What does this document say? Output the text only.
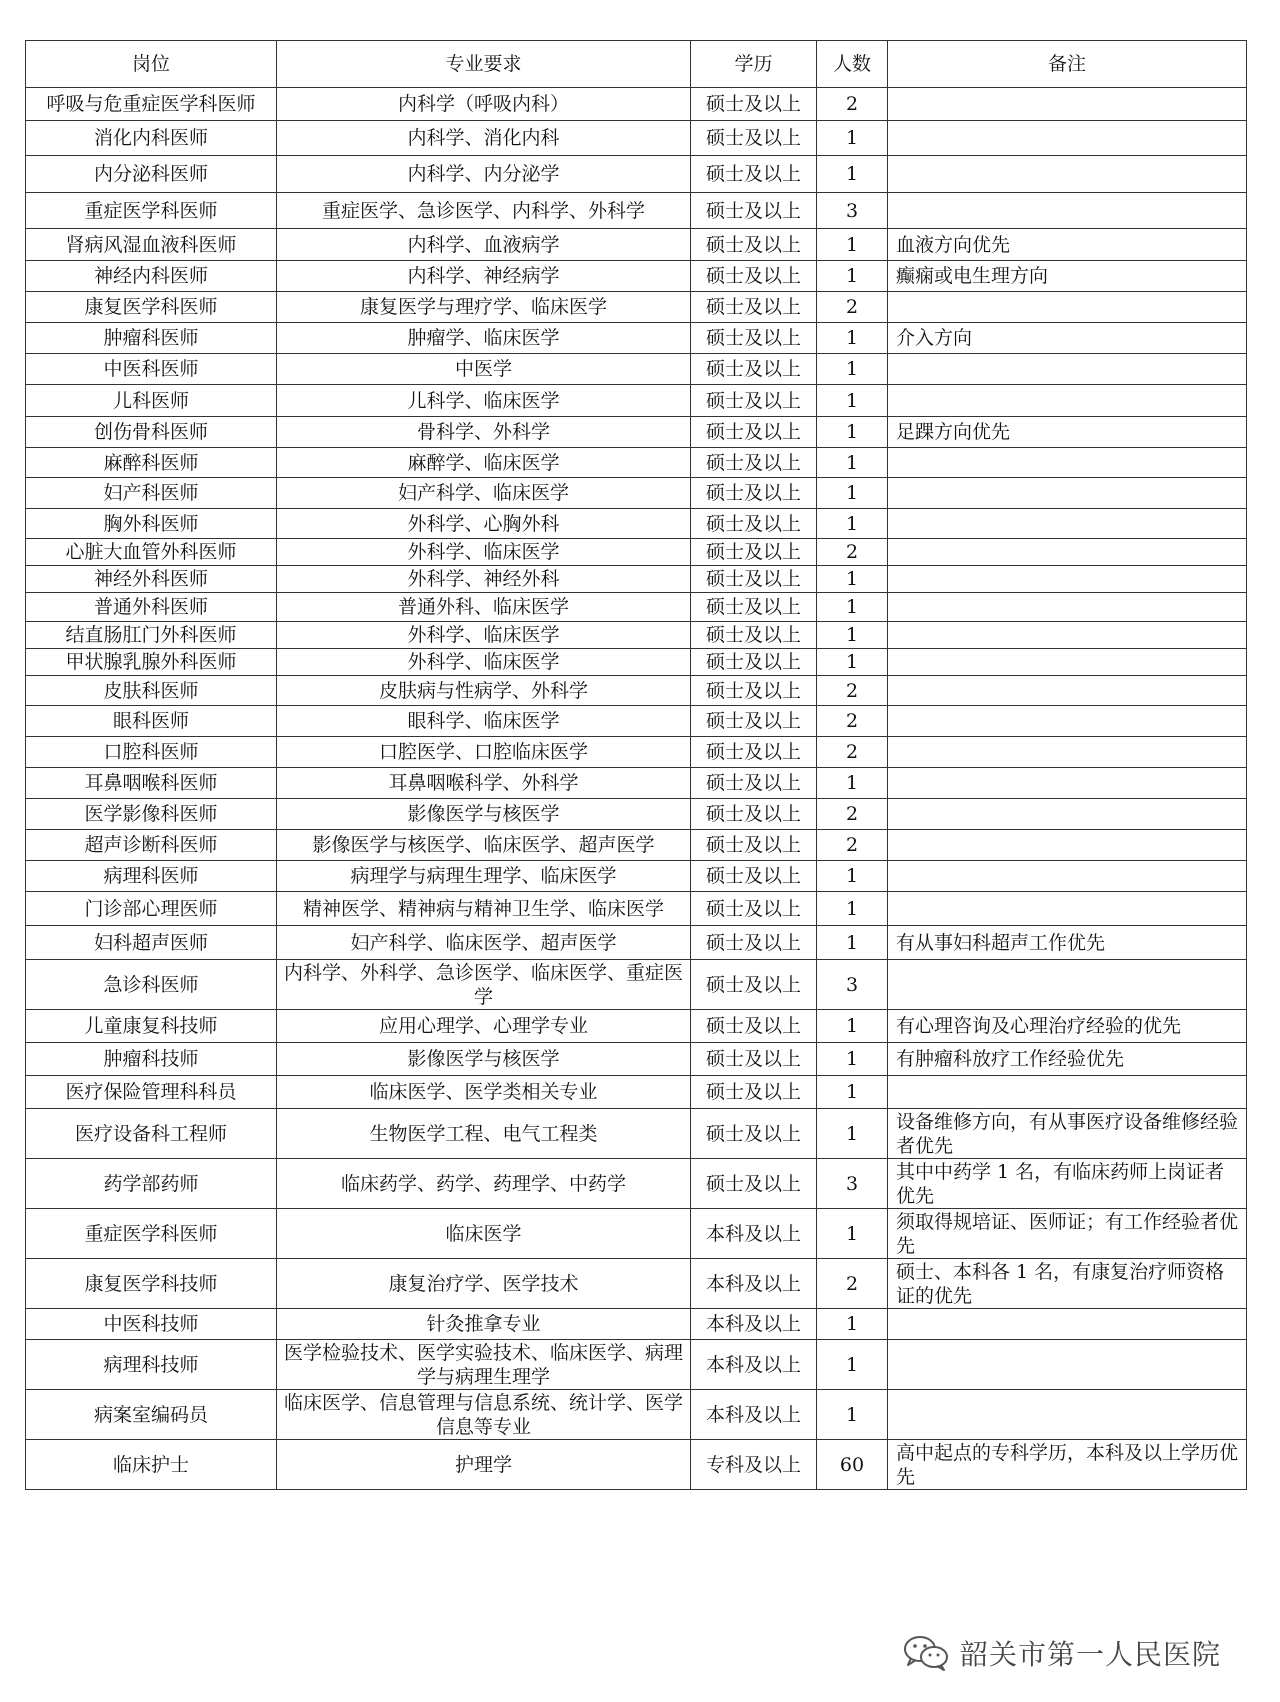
岗位	专业要求	学历	人数	备注
呼吸与危重症医学科医师	内科学（呼吸内科）	硕士及以上	2	
消化内科医师	内科学、消化内科	硕士及以上	1	
内分泌科医师	内科学、内分泌学	硕士及以上	1	
重症医学科医师	重症医学、急诊医学、内科学、外科学	硕士及以上	3	
肾病风湿血液科医师	内科学、血液病学	硕士及以上	1	血液方向优先
神经内科医师	内科学、神经病学	硕士及以上	1	癫痫或电生理方向
康复医学科医师	康复医学与理疗学、临床医学	硕士及以上	2	
肿瘤科医师	肿瘤学、临床医学	硕士及以上	1	介入方向
中医科医师	中医学	硕士及以上	1	
儿科医师	儿科学、临床医学	硕士及以上	1	
创伤骨科医师	骨科学、外科学	硕士及以上	1	足踝方向优先
麻醉科医师	麻醉学、临床医学	硕士及以上	1	
妇产科医师	妇产科学、临床医学	硕士及以上	1	
胸外科医师	外科学、心胸外科	硕士及以上	1	
心脏大血管外科医师	外科学、临床医学	硕士及以上	2	
神经外科医师	外科学、神经外科	硕士及以上	1	
普通外科医师	普通外科、临床医学	硕士及以上	1	
结直肠肛门外科医师	外科学、临床医学	硕士及以上	1	
甲状腺乳腺外科医师	外科学、临床医学	硕士及以上	1	
皮肤科医师	皮肤病与性病学、外科学	硕士及以上	2	
眼科医师	眼科学、临床医学	硕士及以上	2	
口腔科医师	口腔医学、口腔临床医学	硕士及以上	2	
耳鼻咽喉科医师	耳鼻咽喉科学、外科学	硕士及以上	1	
医学影像科医师	影像医学与核医学	硕士及以上	2	
超声诊断科医师	影像医学与核医学、临床医学、超声医学	硕士及以上	2	
病理科医师	病理学与病理生理学、临床医学	硕士及以上	1	
门诊部心理医师	精神医学、精神病与精神卫生学、临床医学	硕士及以上	1	
妇科超声医师	妇产科学、临床医学、超声医学	硕士及以上	1	有从事妇科超声工作优先
急诊科医师	内科学、外科学、急诊医学、临床医学、重症医学	硕士及以上	3	
儿童康复科技师	应用心理学、心理学专业	硕士及以上	1	有心理咨询及心理治疗经验的优先
肿瘤科技师	影像医学与核医学	硕士及以上	1	有肿瘤科放疗工作经验优先
医疗保险管理科科员	临床医学、医学类相关专业	硕士及以上	1	
医疗设备科工程师	生物医学工程、电气工程类	硕士及以上	1	设备维修方向，有从事医疗设备维修经验者优先
药学部药师	临床药学、药学、药理学、中药学	硕士及以上	3	其中中药学 1 名，有临床药师上岗证者优先
重症医学科医师	临床医学	本科及以上	1	须取得规培证、医师证；有工作经验者优先
康复医学科技师	康复治疗学、医学技术	本科及以上	2	硕士、本科各 1 名，有康复治疗师资格证的优先
中医科技师	针灸推拿专业	本科及以上	1	
病理科技师	医学检验技术、医学实验技术、临床医学、病理学与病理生理学	本科及以上	1	
病案室编码员	临床医学、信息管理与信息系统、统计学、医学信息等专业	本科及以上	1	
临床护士	护理学	专科及以上	60	高中起点的专科学历，本科及以上学历优先
韶关市第一人民医院
